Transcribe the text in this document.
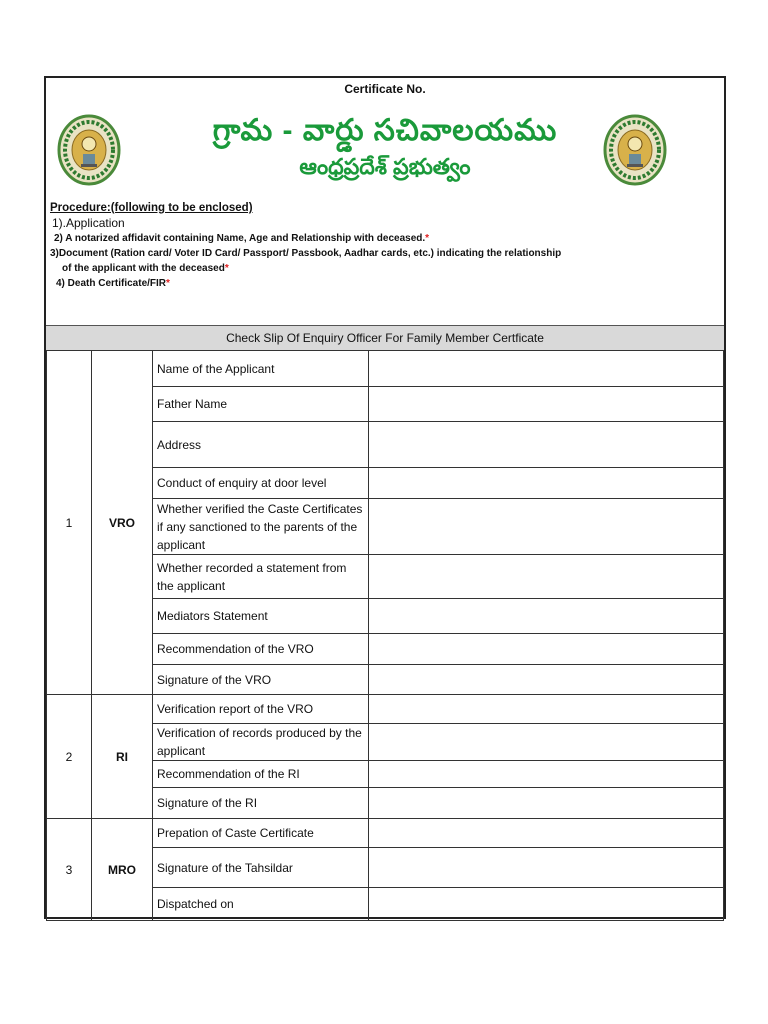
Certificate No.
గ్రామ - వార్డు సచివాలయము
ఆంధ్రప్రదేశ్ ప్రభుత్వం
Procedure:(following to be enclosed)
1).Application
2) A notarized affidavit containing Name, Age and Relationship with deceased.*
3)Document (Ration card/ Voter ID Card/ Passport/ Passbook, Aadhar cards, etc.) indicating the relationship
of the applicant with the deceased*
4) Death Certificate/FIR*
Check Slip Of Enquiry Officer For Family Member Certficate
1	VRO	Name of the Applicant	
		Father Name	
		Address	
		Conduct of enquiry at door level	
		Whether verified the Caste Certificates if any sanctioned to the parents of the applicant	
		Whether recorded a statement from the applicant	
		Mediators Statement	
		Recommendation of the VRO	
		Signature of the VRO	
2	RI	Verification report of the VRO	
		Verification of records produced by the applicant	
		Recommendation of the RI	
		Signature of the RI	
3	MRO	Prepation of Caste Certificate	
		Signature of the Tahsildar	
		Dispatched on	
